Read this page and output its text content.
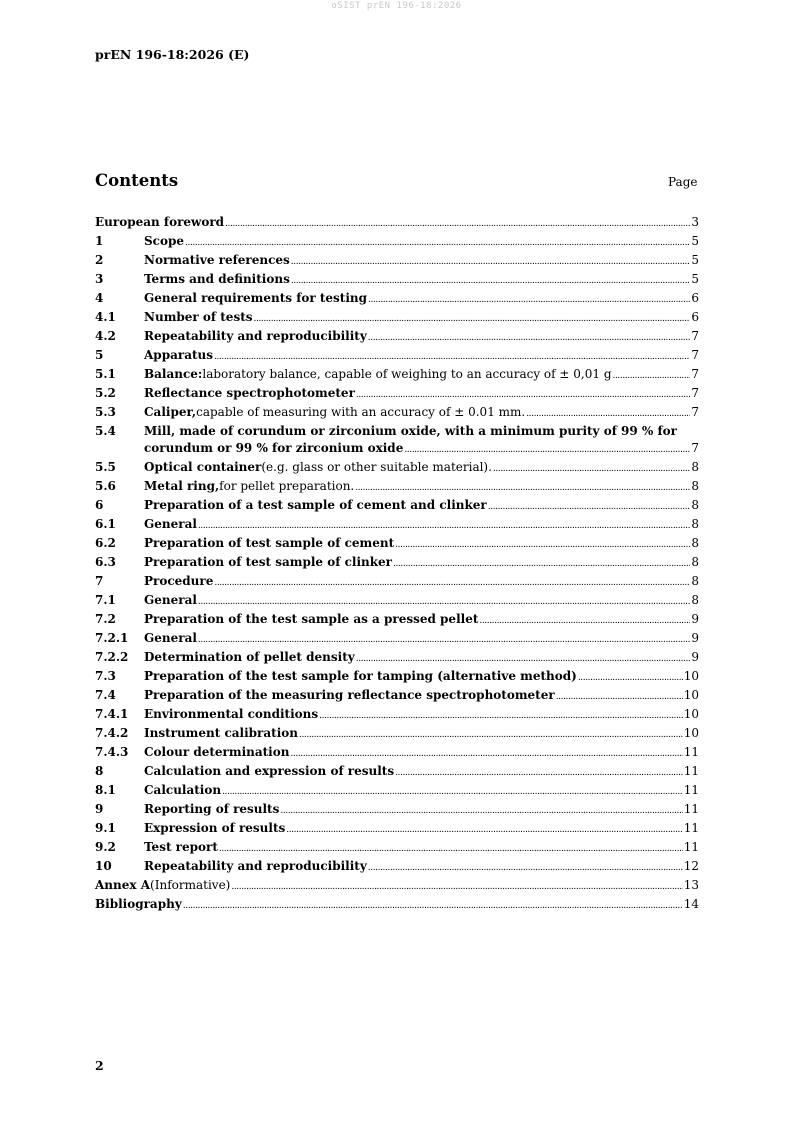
oSIST prEN 196-18:2026
prEN 196-18:2026 (E)
Contents	Page
European foreword .....	3
1	Scope .....	5
2	Normative references .....	5
3	Terms and definitions .....	5
4	General requirements for testing .....	6
4.1	Number of tests .....	6
4.2	Repeatability and reproducibility .....	7
5	Apparatus .....	7
5.1	Balance: laboratory balance, capable of weighing to an accuracy of ± 0,01 g .....	7
5.2	Reflectance spectrophotometer .....	7
5.3	Caliper, capable of measuring with an accuracy of ± 0.01 mm. .....	7
5.4	Mill, made of corundum or zirconium oxide, with a minimum purity of 99 % for
corundum or 99 % for zirconium oxide .....	7
5.5	Optical container (e.g. glass or other suitable material). .....	8
5.6	Metal ring, for pellet preparation. .....	8
6	Preparation of a test sample of cement and clinker .....	8
6.1	General .....	8
6.2	Preparation of test sample of cement .....	8
6.3	Preparation of test sample of clinker .....	8
7	Procedure .....	8
7.1	General .....	8
7.2	Preparation of the test sample as a pressed pellet .....	9
7.2.1	General .....	9
7.2.2	Determination of pellet density .....	9
7.3	Preparation of the test sample for tamping (alternative method) .....	10
7.4	Preparation of the measuring reflectance spectrophotometer .....	10
7.4.1	Environmental conditions .....	10
7.4.2	Instrument calibration .....	10
7.4.3	Colour determination .....	11
8	Calculation and expression of results .....	11
8.1	Calculation .....	11
9	Reporting of results .....	11
9.1	Expression of results .....	11
9.2	Test report .....	11
10	Repeatability and reproducibility .....	12
Annex A (Informative) .....	13
Bibliography .....	14
2
